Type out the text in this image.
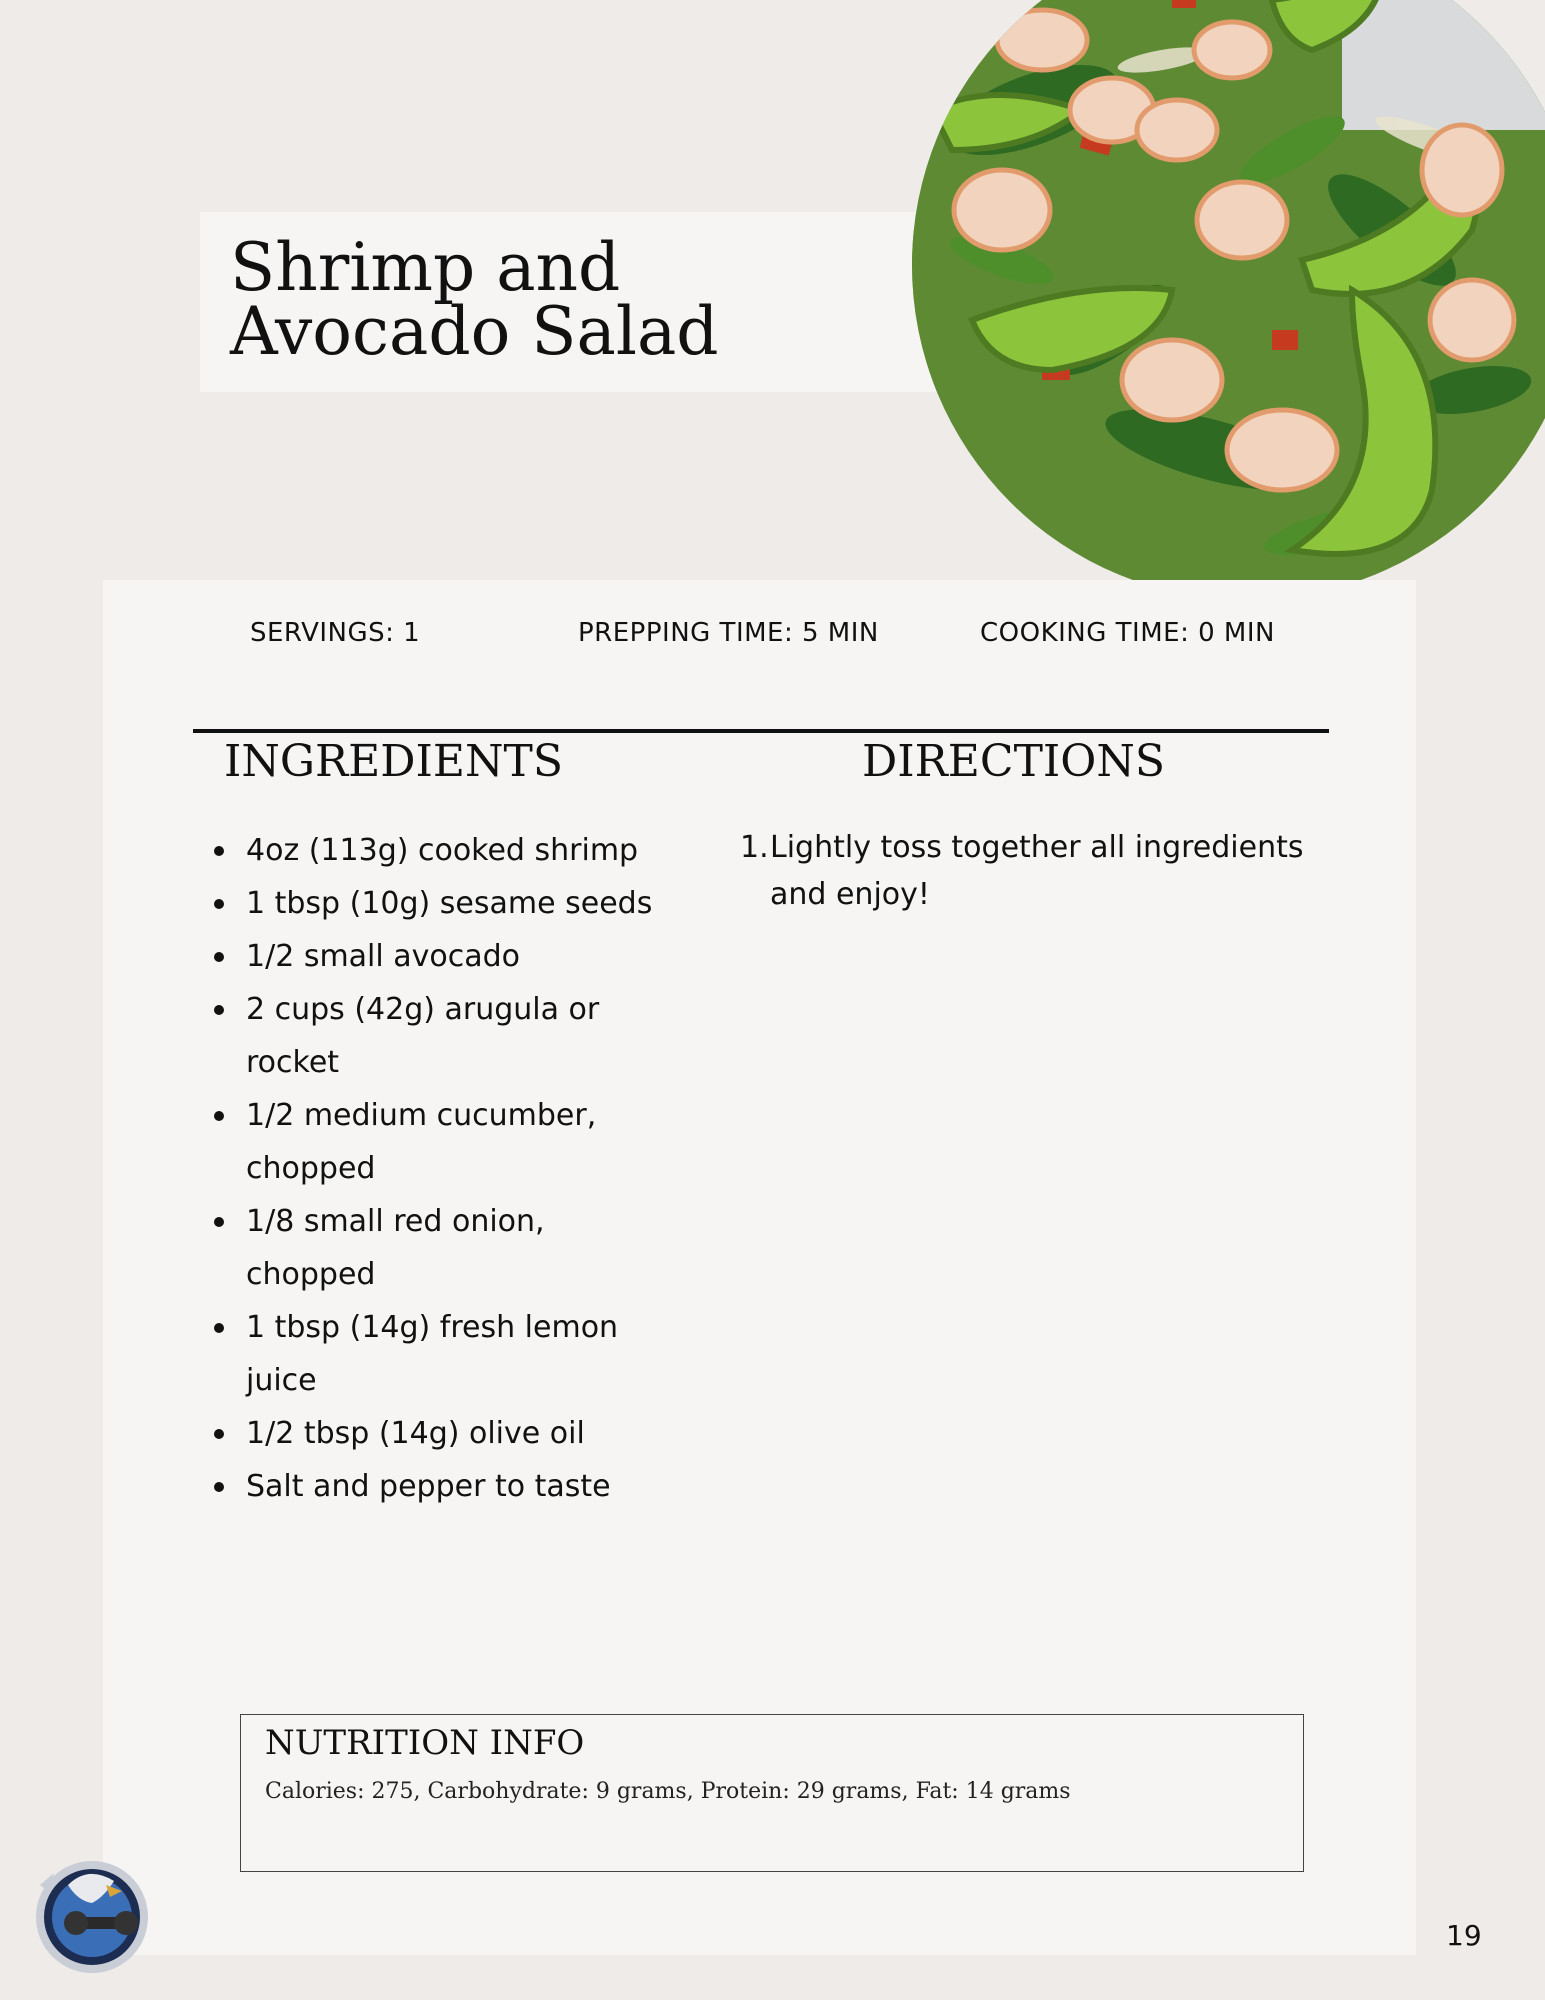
Shrimp and Avocado Salad
SERVINGS: 1	PREPPING TIME: 5 MIN	COOKING TIME: 0 MIN
INGREDIENTS	DIRECTIONS
4oz (113g) cooked shrimp
1 tbsp (10g) sesame seeds
1/2 small avocado
2 cups (42g) arugula or rocket
1/2 medium cucumber, chopped
1/8 small red onion, chopped
1 tbsp (14g) fresh lemon juice
1/2 tbsp (14g) olive oil
Salt and pepper to taste
1. Lightly toss together all ingredients and enjoy!
NUTRITION INFO
Calories: 275, Carbohydrate: 9 grams, Protein: 29 grams, Fat: 14 grams
19
